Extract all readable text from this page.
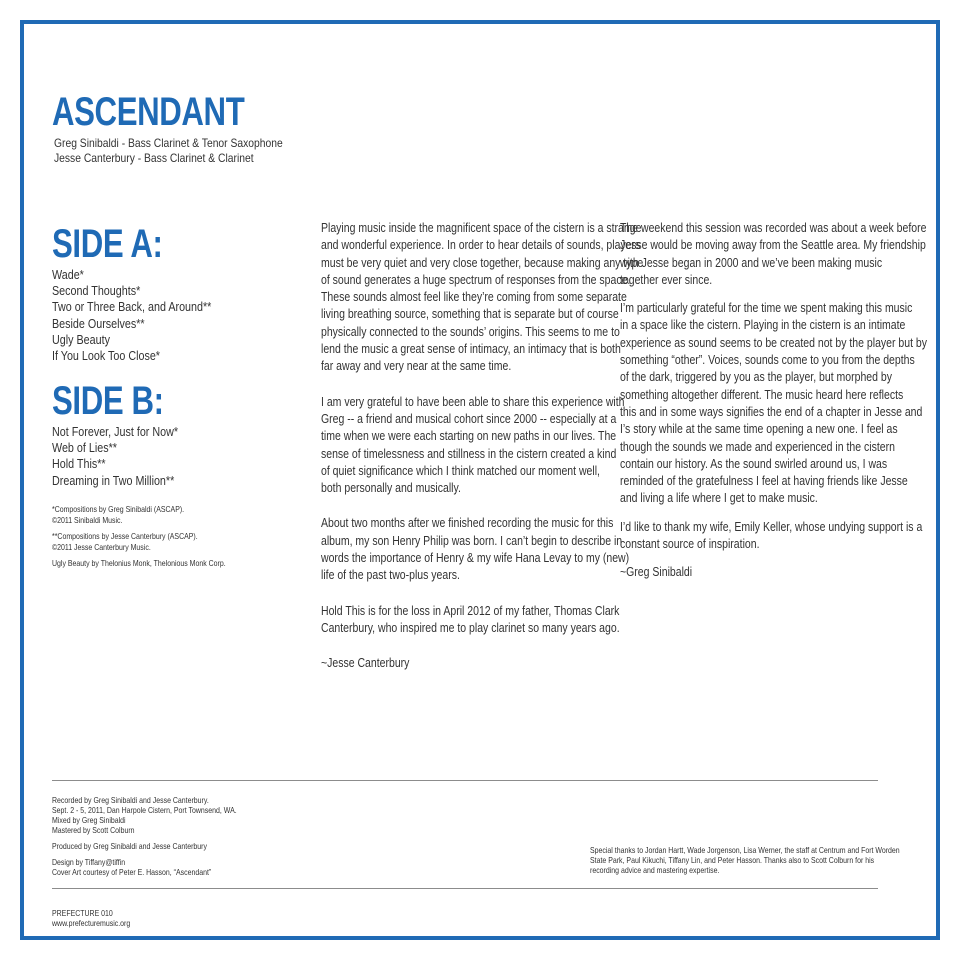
ASCENDANT
Greg Sinibaldi - Bass Clarinet & Tenor Saxophone
Jesse Canterbury - Bass Clarinet & Clarinet
SIDE A:
Wade*
Second Thoughts*
Two or Three Back, and Around**
Beside Ourselves**
Ugly Beauty
If You Look Too Close*
SIDE B:
Not Forever, Just for Now*
Web of Lies**
Hold This**
Dreaming in Two Million**
*Compositions by Greg Sinibaldi (ASCAP).
©2011 Sinibaldi Music.
**Compositions by Jesse Canterbury (ASCAP).
©2011 Jesse Canterbury Music.
Ugly Beauty by Thelonius Monk, Thelonious Monk Corp.

Playing music inside the magnificent space of the cistern is a strange
and wonderful experience. In order to hear details of sounds, players
must be very quiet and very close together, because making any type
of sound generates a huge spectrum of responses from the space.
These sounds almost feel like they’re coming from some separate
living breathing source, something that is separate but of course
physically connected to the sounds’ origins. This seems to me to
lend the music a great sense of intimacy, an intimacy that is both
far away and very near at the same time.

I am very grateful to have been able to share this experience with
Greg -- a friend and musical cohort since 2000 -- especially at a
time when we were each starting on new paths in our lives. The
sense of timelessness and stillness in the cistern created a kind
of quiet significance which I think matched our moment well,
both personally and musically.

About two months after we finished recording the music for this
album, my son Henry Philip was born. I can’t begin to describe in
words the importance of Henry & my wife Hana Levay to my (new)
life of the past two-plus years.

Hold This is for the loss in April 2012 of my father, Thomas Clark
Canterbury, who inspired me to play clarinet so many years ago.

~Jesse Canterbury

The weekend this session was recorded was about a week before
Jesse would be moving away from the Seattle area. My friendship
with Jesse began in 2000 and we’ve been making music
together ever since.

I’m particularly grateful for the time we spent making this music
in a space like the cistern. Playing in the cistern is an intimate
experience as sound seems to be created not by the player but by
something “other”. Voices, sounds come to you from the depths
of the dark, triggered by you as the player, but morphed by
something altogether different. The music heard here reflects
this and in some ways signifies the end of a chapter in Jesse and
I’s story while at the same time opening a new one. I feel as
though the sounds we made and experienced in the cistern
contain our history. As the sound swirled around us, I was
reminded of the gratefulness I feel at having friends like Jesse
and living a life where I get to make music.

I’d like to thank my wife, Emily Keller, whose undying support is a
constant source of inspiration.

~Greg Sinibaldi

Recorded by Greg Sinibaldi and Jesse Canterbury.
Sept. 2 - 5, 2011, Dan Harpole Cistern, Port Townsend, WA.
Mixed by Greg Sinibaldi
Mastered by Scott Colburn

Produced by Greg Sinibaldi and Jesse Canterbury

Design by Tiffany@tiffin
Cover Art courtesy of Peter E. Hasson, “Ascendant”

Special thanks to Jordan Hartt, Wade Jorgenson, Lisa Werner, the staff at Centrum and Fort Worden
State Park, Paul Kikuchi, Tiffany Lin, and Peter Hasson. Thanks also to Scott Colburn for his
recording advice and mastering expertise.
PREFECTURE 010
www.prefecturemusic.org
